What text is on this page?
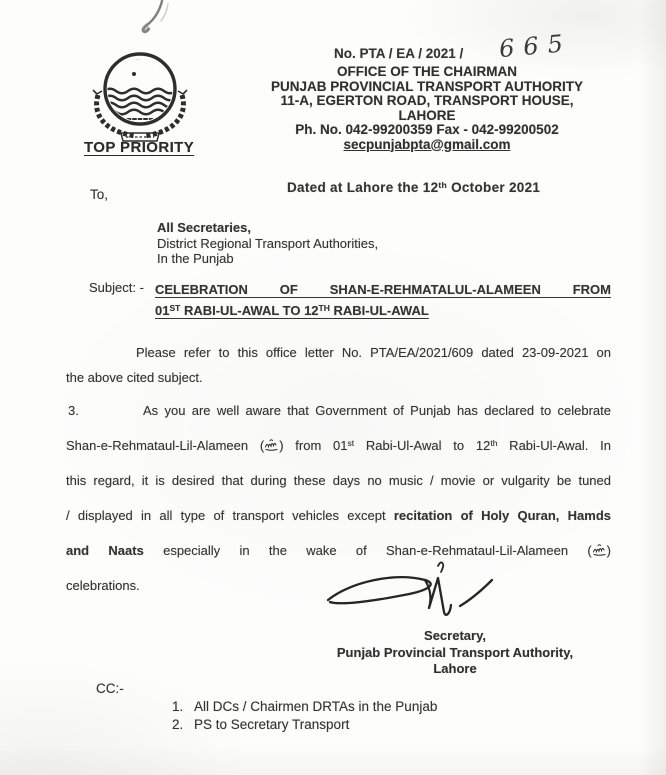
TOP PRIORITY
No. PTA / EA / 2021 / 665
OFFICE OF THE CHAIRMAN
PUNJAB PROVINCIAL TRANSPORT AUTHORITY
11-A, EGERTON ROAD, TRANSPORT HOUSE,
LAHORE
Ph. No. 042-99200359 Fax - 042-99200502
secpunjabpta@gmail.com
Dated at Lahore the 12th October 2021
To,
All Secretaries,
District Regional Transport Authorities,
In the Punjab
Subject: - CELEBRATION OF SHAN-E-REHMATALUL-ALAMEEN FROM
01ST RABI-UL-AWAL TO 12TH RABI-UL-AWAL
Please refer to this office letter No. PTA/EA/2021/609 dated 23-09-2021 on
the above cited subject.
3.	As you are well aware that Government of Punjab has declared to celebrate
Shan-e-Rehmataul-Lil-Alameen ( ) from 01st Rabi-Ul-Awal to 12th Rabi-Ul-Awal. In
this regard, it is desired that during these days no music / movie or vulgarity be tuned
/ displayed in all type of transport vehicles except recitation of Holy Quran, Hamds
and Naats especially in the wake of Shan-e-Rehmataul-Lil-Alameen ( )
celebrations.
Secretary,
Punjab Provincial Transport Authority,
Lahore
CC:-
1. All DCs / Chairmen DRTAs in the Punjab
2. PS to Secretary Transport
